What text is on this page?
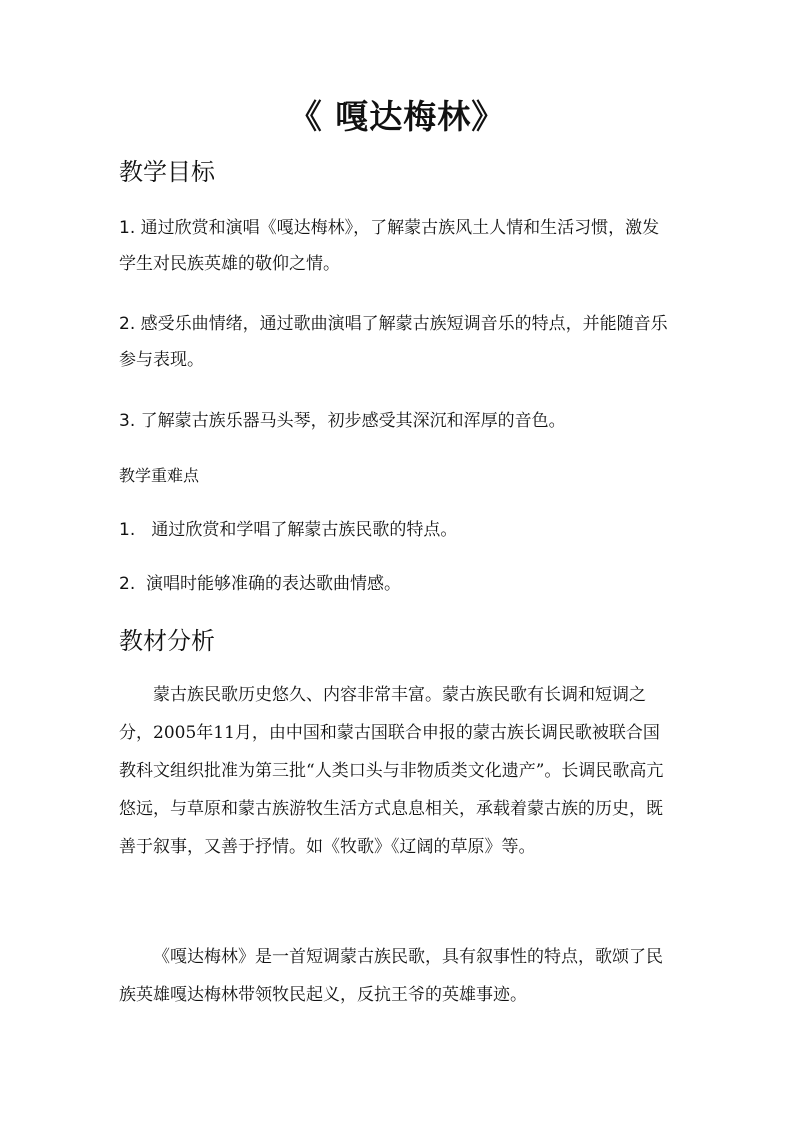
《 嘎达梅林》
教学目标

1. 通过欣赏和演唱《嘎达梅林》，了解蒙古族风土人情和生活习惯，激发学生对民族英雄的敬仰之情。

2. 感受乐曲情绪，通过歌曲演唱了解蒙古族短调音乐的特点，并能随音乐参与表现。

3. 了解蒙古族乐器马头琴，初步感受其深沉和浑厚的音色。

教学重难点

1.   通过欣赏和学唱了解蒙古族民歌的特点。

2.  演唱时能够准确的表达歌曲情感。

教材分析

蒙古族民歌历史悠久、内容非常丰富。蒙古族民歌有长调和短调之分，2005年11月，由中国和蒙古国联合申报的蒙古族长调民歌被联合国教科文组织批准为第三批“人类口头与非物质类文化遗产”。长调民歌高亢悠远，与草原和蒙古族游牧生活方式息息相关，承载着蒙古族的历史，既善于叙事，又善于抒情。如《牧歌》《辽阔的草原》等。

《嘎达梅林》是一首短调蒙古族民歌，具有叙事性的特点，歌颂了民族英雄嘎达梅林带领牧民起义，反抗王爷的英雄事迹。
